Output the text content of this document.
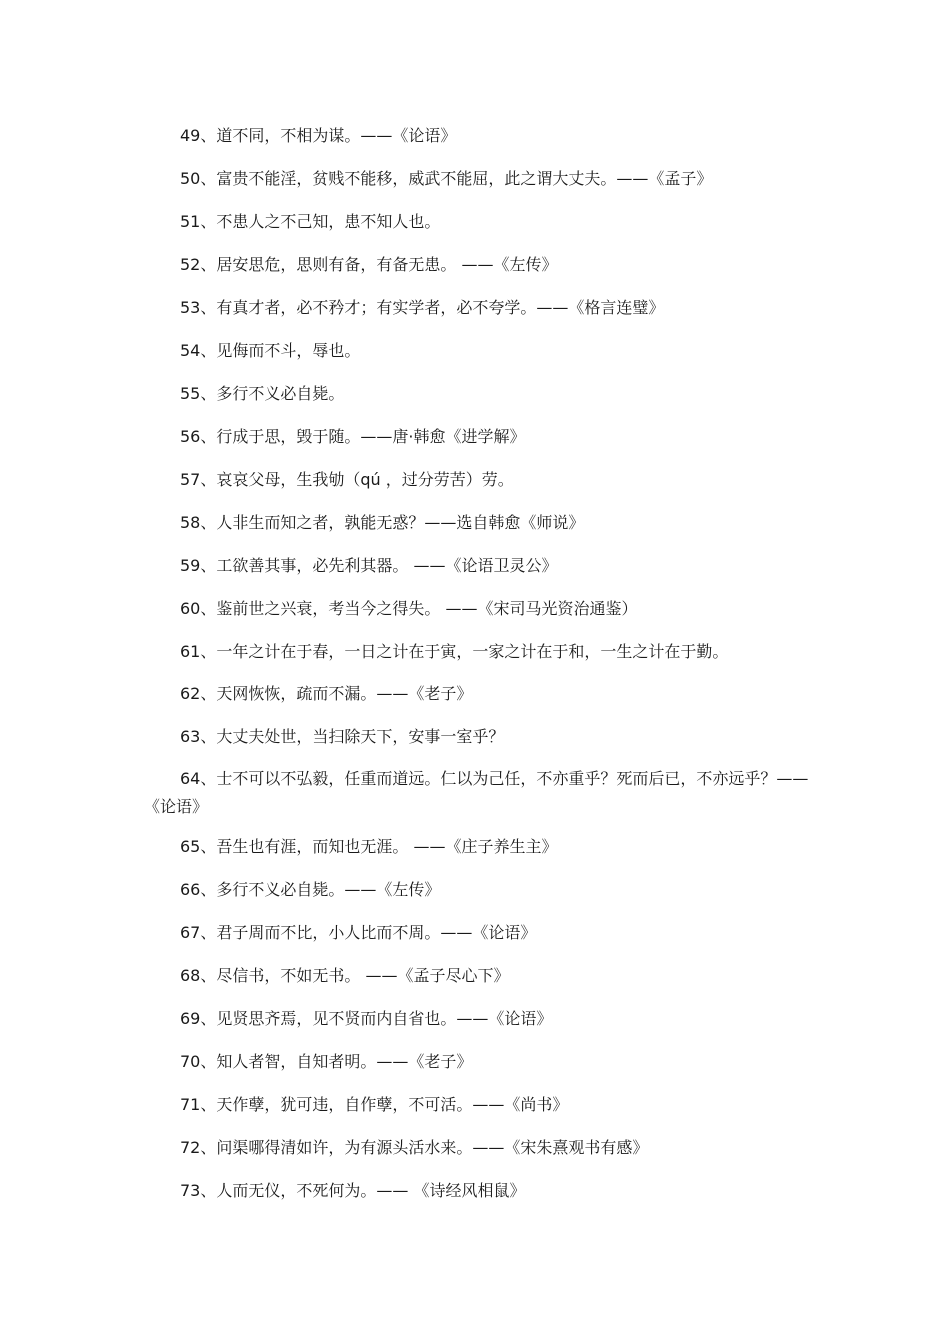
49、道不同，不相为谋。——《论语》
50、富贵不能淫，贫贱不能移，威武不能屈，此之谓大丈夫。——《孟子》
51、不患人之不己知，患不知人也。
52、居安思危，思则有备，有备无患。 ——《左传》
53、有真才者，必不矜才；有实学者，必不夸学。——《格言连璧》
54、见侮而不斗，辱也。
55、多行不义必自毙。
56、行成于思，毁于随。——唐·韩愈《进学解》
57、哀哀父母，生我劬（qú ，过分劳苦）劳。
58、人非生而知之者，孰能无惑？——选自韩愈《师说》
59、工欲善其事，必先利其器。 ——《论语卫灵公》
60、鉴前世之兴衰，考当今之得失。 ——《宋司马光资治通鉴）
61、一年之计在于春，一日之计在于寅，一家之计在于和，一生之计在于勤。
62、天网恢恢，疏而不漏。——《老子》
63、大丈夫处世，当扫除天下，安事一室乎？
64、士不可以不弘毅，任重而道远。仁以为己任，不亦重乎？死而后已，不亦远乎？——《论语》
65、吾生也有涯，而知也无涯。 ——《庄子养生主》
66、多行不义必自毙。——《左传》
67、君子周而不比，小人比而不周。——《论语》
68、尽信书，不如无书。 ——《孟子尽心下》
69、见贤思齐焉，见不贤而内自省也。——《论语》
70、知人者智，自知者明。——《老子》
71、天作孽，犹可违，自作孽，不可活。——《尚书》
72、问渠哪得清如许，为有源头活水来。——《宋朱熹观书有感》
73、人而无仪，不死何为。—— 《诗经风相鼠》
